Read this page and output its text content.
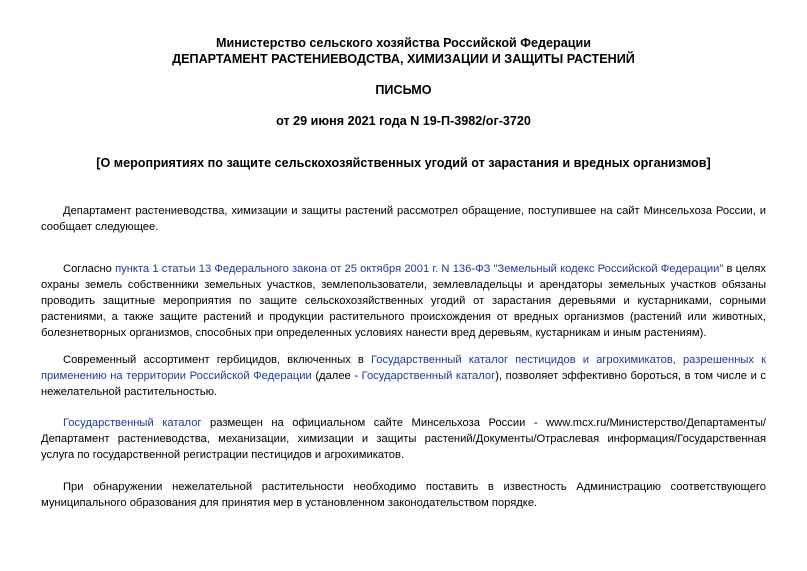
Министерство сельского хозяйства Российской Федерации
ДЕПАРТАМЕНТ РАСТЕНИЕВОДСТВА, ХИМИЗАЦИИ И ЗАЩИТЫ РАСТЕНИЙ
ПИСЬМО
от 29 июня 2021 года N 19-П-3982/ог-3720
[О мероприятиях по защите сельскохозяйственных угодий от зарастания и вредных организмов]

Департамент растениеводства, химизации и защиты растений рассмотрел обращение, поступившее на сайт Минсельхоза России, и сообщает следующее.

Согласно пункта 1 статьи 13 Федерального закона от 25 октября 2001 г. N 136-ФЗ "Земельный кодекс Российской Федерации" в целях охраны земель собственники земельных участков, землепользователи, землевладельцы и арендаторы земельных участков обязаны проводить защитные мероприятия по защите сельскохозяйственных угодий от зарастания деревьями и кустарниками, сорными растениями, а также защите растений и продукции растительного происхождения от вредных организмов (растений или животных, болезнетворных организмов, способных при определенных условиях нанести вред деревьям, кустарникам и иным растениям).

Современный ассортимент гербицидов, включенных в Государственный каталог пестицидов и агрохимикатов, разрешенных к применению на территории Российской Федерации (далее - Государственный каталог), позволяет эффективно бороться, в том числе и с нежелательной растительностью.

Государственный каталог размещен на официальном сайте Минсельхоза России - www.mcx.ru/Министерство/Департаменты/Департамент растениеводства, механизации, химизации и защиты растений/Документы/Отраслевая информация/Государственная услуга по государственной регистрации пестицидов и агрохимикатов.

При обнаружении нежелательной растительности необходимо поставить в известность Администрацию соответствующего муниципального образования для принятия мер в установленном законодательством порядке.
